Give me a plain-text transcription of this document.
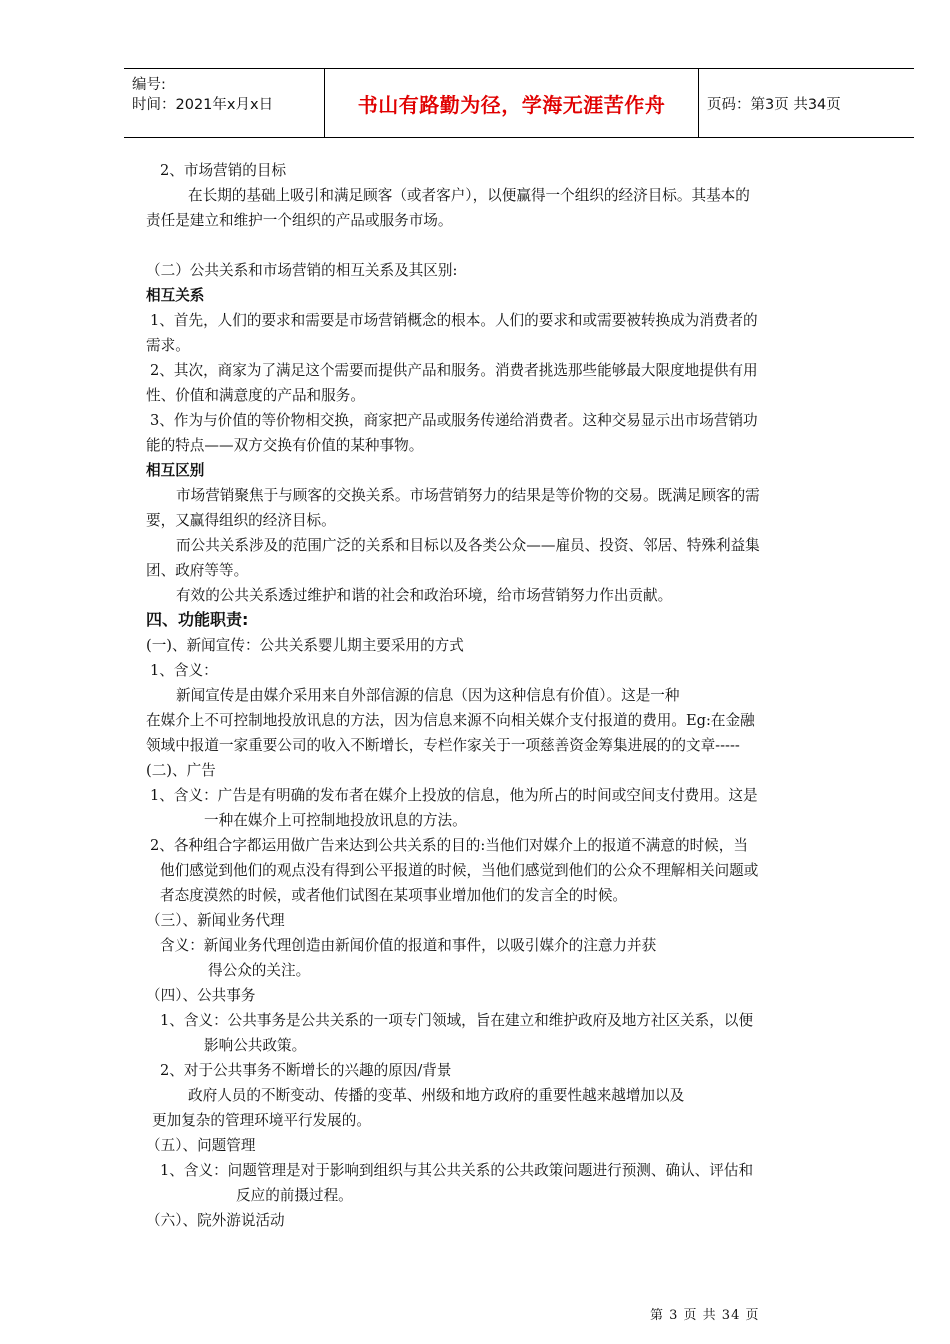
编号:
时间：2021年x月x日	书山有路勤为径，学海无涯苦作舟	页码：第3页 共34页
2、市场营销的目标
在长期的基础上吸引和满足顾客（或者客户），以便赢得一个组织的经济目标。其基本的
责任是建立和维护一个组织的产品或服务市场。
（二）公共关系和市场营销的相互关系及其区别:
相互关系
1、首先，人们的要求和需要是市场营销概念的根本。人们的要求和或需要被转换成为消费者的
需求。
2、其次，商家为了满足这个需要而提供产品和服务。消费者挑选那些能够最大限度地提供有用
性、价值和满意度的产品和服务。
3、作为与价值的等价物相交换，商家把产品或服务传递给消费者。这种交易显示出市场营销功
能的特点——双方交换有价值的某种事物。
相互区别
市场营销聚焦于与顾客的交换关系。市场营销努力的结果是等价物的交易。既满足顾客的需
要，又赢得组织的经济目标。
而公共关系涉及的范围广泛的关系和目标以及各类公众——雇员、投资、邻居、特殊利益集
团、政府等等。
有效的公共关系透过维护和谐的社会和政治环境，给市场营销努力作出贡献。
四、功能职责:
(一)、新闻宣传：公共关系婴儿期主要采用的方式
1、含义：
新闻宣传是由媒介采用来自外部信源的信息（因为这种信息有价值）。这是一种
在媒介上不可控制地投放讯息的方法，因为信息来源不向相关媒介支付报道的费用。Eg:在金融
领域中报道一家重要公司的收入不断增长，专栏作家关于一项慈善资金筹集进展的的文章-----
(二)、广告
1、含义：广告是有明确的发布者在媒介上投放的信息，他为所占的时间或空间支付费用。这是
一种在媒介上可控制地投放讯息的方法。
2、各种组合字都运用做广告来达到公共关系的目的:当他们对媒介上的报道不满意的时候，当
他们感觉到他们的观点没有得到公平报道的时候，当他们感觉到他们的公众不理解相关问题或
者态度漠然的时候，或者他们试图在某项事业增加他们的发言全的时候。
（三）、新闻业务代理
含义：新闻业务代理创造由新闻价值的报道和事件，以吸引媒介的注意力并获
得公众的关注。
（四）、公共事务
1、含义：公共事务是公共关系的一项专门领域，旨在建立和维护政府及地方社区关系，以便
影响公共政策。
2、对于公共事务不断增长的兴趣的原因/背景
政府人员的不断变动、传播的变革、州级和地方政府的重要性越来越增加以及
更加复杂的管理环境平行发展的。
（五）、问题管理
1、含义：问题管理是对于影响到组织与其公共关系的公共政策问题进行预测、确认、评估和
反应的前摄过程。
（六）、院外游说活动
第 3 页 共 34 页
